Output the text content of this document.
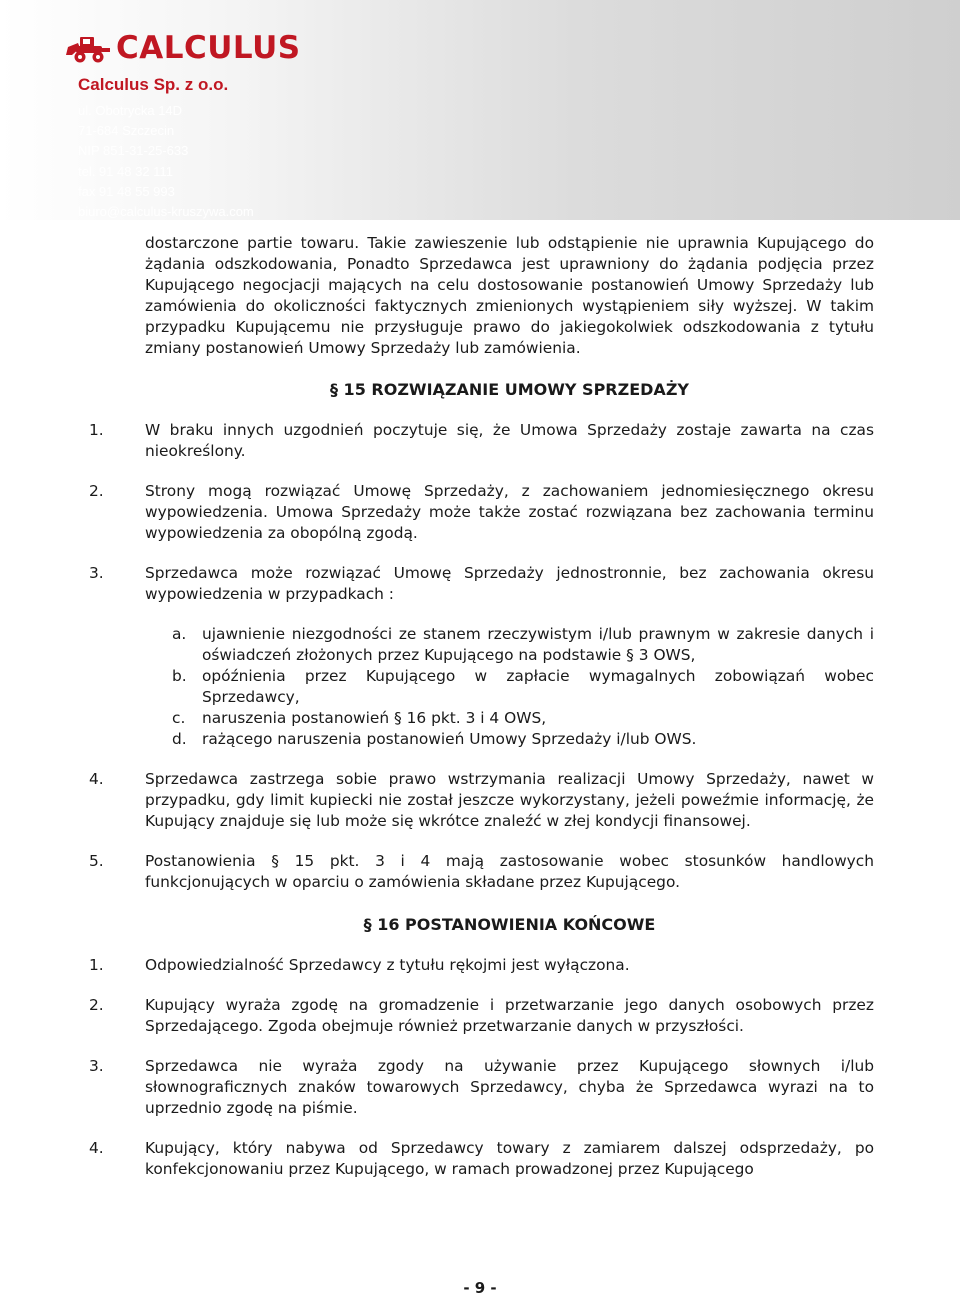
CALCULUS
Calculus Sp. z o.o.
ul. Obotrycka 14D
71-684 Szczecin
NIP 851-31-25-633
tel. 91 48 32 111
fax 91 48 55 993
biuro@calculus-kruszywa.com
www.calculus-kruszywa.com

dostarczone partie towaru. Takie zawieszenie lub odstąpienie nie uprawnia Kupującego do żądania odszkodowania, Ponadto Sprzedawca jest uprawniony do żądania podjęcia przez Kupującego negocjacji mających na celu dostosowanie postanowień Umowy Sprzedaży lub zamówienia do okoliczności faktycznych zmienionych wystąpieniem siły wyższej. W takim przypadku Kupującemu nie przysługuje prawo do jakiegokolwiek odszkodowania z tytułu zmiany postanowień Umowy Sprzedaży lub zamówienia.

§ 15 ROZWIĄZANIE UMOWY SPRZEDAŻY
1.	W braku innych uzgodnień poczytuje się, że Umowa Sprzedaży zostaje zawarta na czas nieokreślony.
2.	Strony mogą rozwiązać Umowę Sprzedaży, z zachowaniem jednomiesięcznego okresu wypowiedzenia. Umowa Sprzedaży może także zostać rozwiązana bez zachowania terminu wypowiedzenia za obopólną zgodą.
3.	Sprzedawca może rozwiązać Umowę Sprzedaży jednostronnie, bez zachowania okresu wypowiedzenia w przypadkach :
a. ujawnienie niezgodności ze stanem rzeczywistym i/lub prawnym w zakresie danych i oświadczeń złożonych przez Kupującego na podstawie § 3 OWS,
b. opóźnienia przez Kupującego w zapłacie wymagalnych zobowiązań wobec Sprzedawcy,
c. naruszenia postanowień § 16 pkt. 3 i 4 OWS,
d. rażącego naruszenia postanowień Umowy Sprzedaży i/lub OWS.
4.	Sprzedawca zastrzega sobie prawo wstrzymania realizacji Umowy Sprzedaży, nawet w przypadku, gdy limit kupiecki nie został jeszcze wykorzystany, jeżeli poweźmie informację, że Kupujący znajduje się lub może się wkrótce znaleźć w złej kondycji finansowej.
5.	Postanowienia § 15 pkt. 3 i 4 mają zastosowanie wobec stosunków handlowych funkcjonujących w oparciu o zamówienia składane przez Kupującego.
§ 16 POSTANOWIENIA KOŃCOWE
1.	Odpowiedzialność Sprzedawcy z tytułu rękojmi jest wyłączona.
2.	Kupujący wyraża zgodę na gromadzenie i przetwarzanie jego danych osobowych przez Sprzedającego. Zgoda obejmuje również przetwarzanie danych w przyszłości.
3.	Sprzedawca nie wyraża zgody na używanie przez Kupującego słownych i/lub słownograficznych znaków towarowych Sprzedawcy, chyba że Sprzedawca wyrazi na to uprzednio zgodę na piśmie.
4.	Kupujący, który nabywa od Sprzedawcy towary z zamiarem dalszej odsprzedaży, po konfekcjonowaniu przez Kupującego, w ramach prowadzonej przez Kupującego
- 9 -
